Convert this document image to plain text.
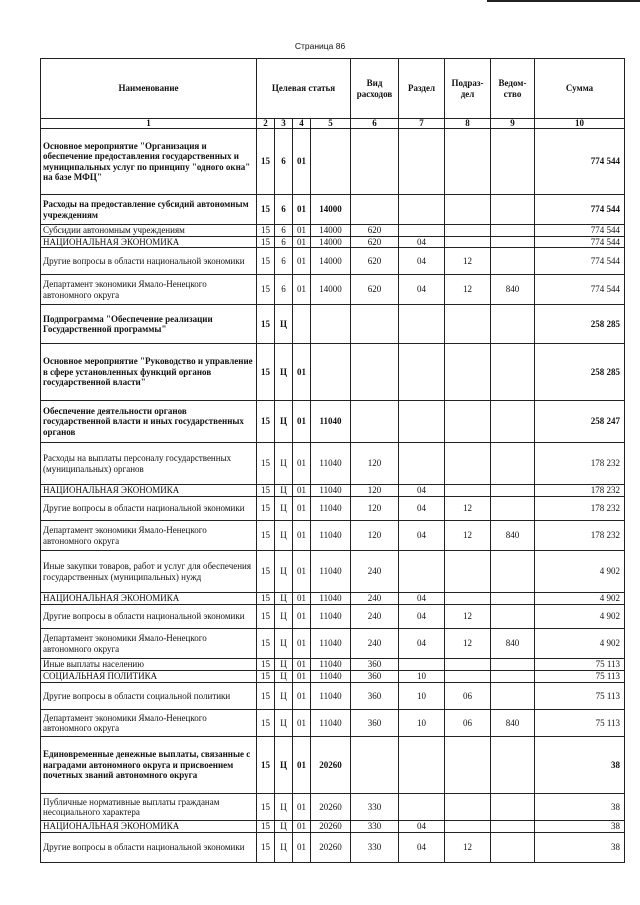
Страница 86
Наименование	Целевая статья				Вид расходов	Раздел	Подраз-дел	Ведом-ство	Сумма
1	2	3	4	5	6	7	8	9	10
Основное мероприятие "Организация и обеспечение предоставления государственных и муниципальных услуг по принципу "одного окна" на базе МФЦ"	15	6	01						774 544
Расходы на предоставление субсидий автономным учреждениям	15	6	01	14000					774 544
Субсидии автономным учреждениям	15	6	01	14000	620				774 544
НАЦИОНАЛЬНАЯ ЭКОНОМИКА	15	6	01	14000	620	04			774 544
Другие вопросы в области национальной экономики	15	6	01	14000	620	04	12		774 544
Департамент экономики Ямало-Ненецкого автономного округа	15	6	01	14000	620	04	12	840	774 544
Подпрограмма "Обеспечение реализации Государственной программы"	15	Ц							258 285
Основное мероприятие "Руководство и управление в сфере установленных функций органов государственной власти"	15	Ц	01						258 285
Обеспечение деятельности органов государственной власти и иных государственных органов	15	Ц	01	11040					258 247
Расходы на выплаты персоналу государственных (муниципальных) органов	15	Ц	01	11040	120				178 232
НАЦИОНАЛЬНАЯ ЭКОНОМИКА	15	Ц	01	11040	120	04			178 232
Другие вопросы в области национальной экономики	15	Ц	01	11040	120	04	12		178 232
Департамент экономики Ямало-Ненецкого автономного округа	15	Ц	01	11040	120	04	12	840	178 232
Иные закупки товаров, работ и услуг для обеспечения государственных (муниципальных) нужд	15	Ц	01	11040	240				4 902
НАЦИОНАЛЬНАЯ ЭКОНОМИКА	15	Ц	01	11040	240	04			4 902
Другие вопросы в области национальной экономики	15	Ц	01	11040	240	04	12		4 902
Департамент экономики Ямало-Ненецкого автономного округа	15	Ц	01	11040	240	04	12	840	4 902
Иные выплаты населению	15	Ц	01	11040	360				75 113
СОЦИАЛЬНАЯ ПОЛИТИКА	15	Ц	01	11040	360	10			75 113
Другие вопросы в области социальной политики	15	Ц	01	11040	360	10	06		75 113
Департамент экономики Ямало-Ненецкого автономного округа	15	Ц	01	11040	360	10	06	840	75 113
Единовременные денежные выплаты, связанные с наградами автономного округа и присвоением почетных званий автономного округа	15	Ц	01	20260					38
Публичные нормативные выплаты гражданам несоциального характера	15	Ц	01	20260	330				38
НАЦИОНАЛЬНАЯ ЭКОНОМИКА	15	Ц	01	20260	330	04			38
Другие вопросы в области национальной экономики	15	Ц	01	20260	330	04	12		38
